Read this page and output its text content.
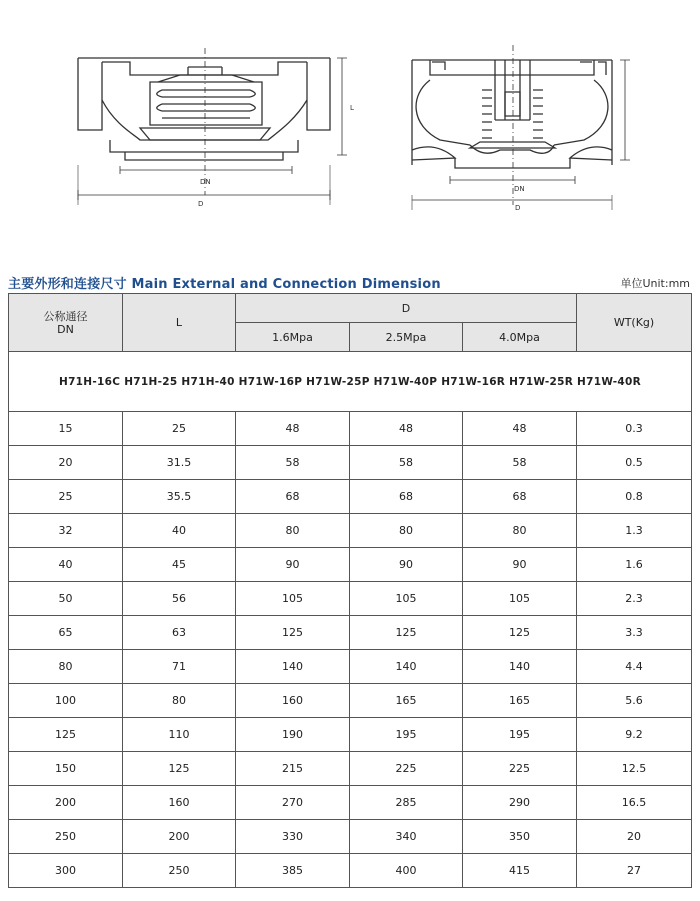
DN
D
L
DN
D
主要外形和连接尺寸 Main External and Connection Dimension	单位Unit:mm
公称通径
DN	L	D			WT(Kg)
		1.6Mpa	2.5Mpa	4.0Mpa	
H71H-16C H71H-25 H71H-40 H71W-16P H71W-25P H71W-40P H71W-16R H71W-25R H71W-40R					
15	25	48	48	48	0.3
20	31.5	58	58	58	0.5
25	35.5	68	68	68	0.8
32	40	80	80	80	1.3
40	45	90	90	90	1.6
50	56	105	105	105	2.3
65	63	125	125	125	3.3
80	71	140	140	140	4.4
100	80	160	165	165	5.6
125	110	190	195	195	9.2
150	125	215	225	225	12.5
200	160	270	285	290	16.5
250	200	330	340	350	20
300	250	385	400	415	27
